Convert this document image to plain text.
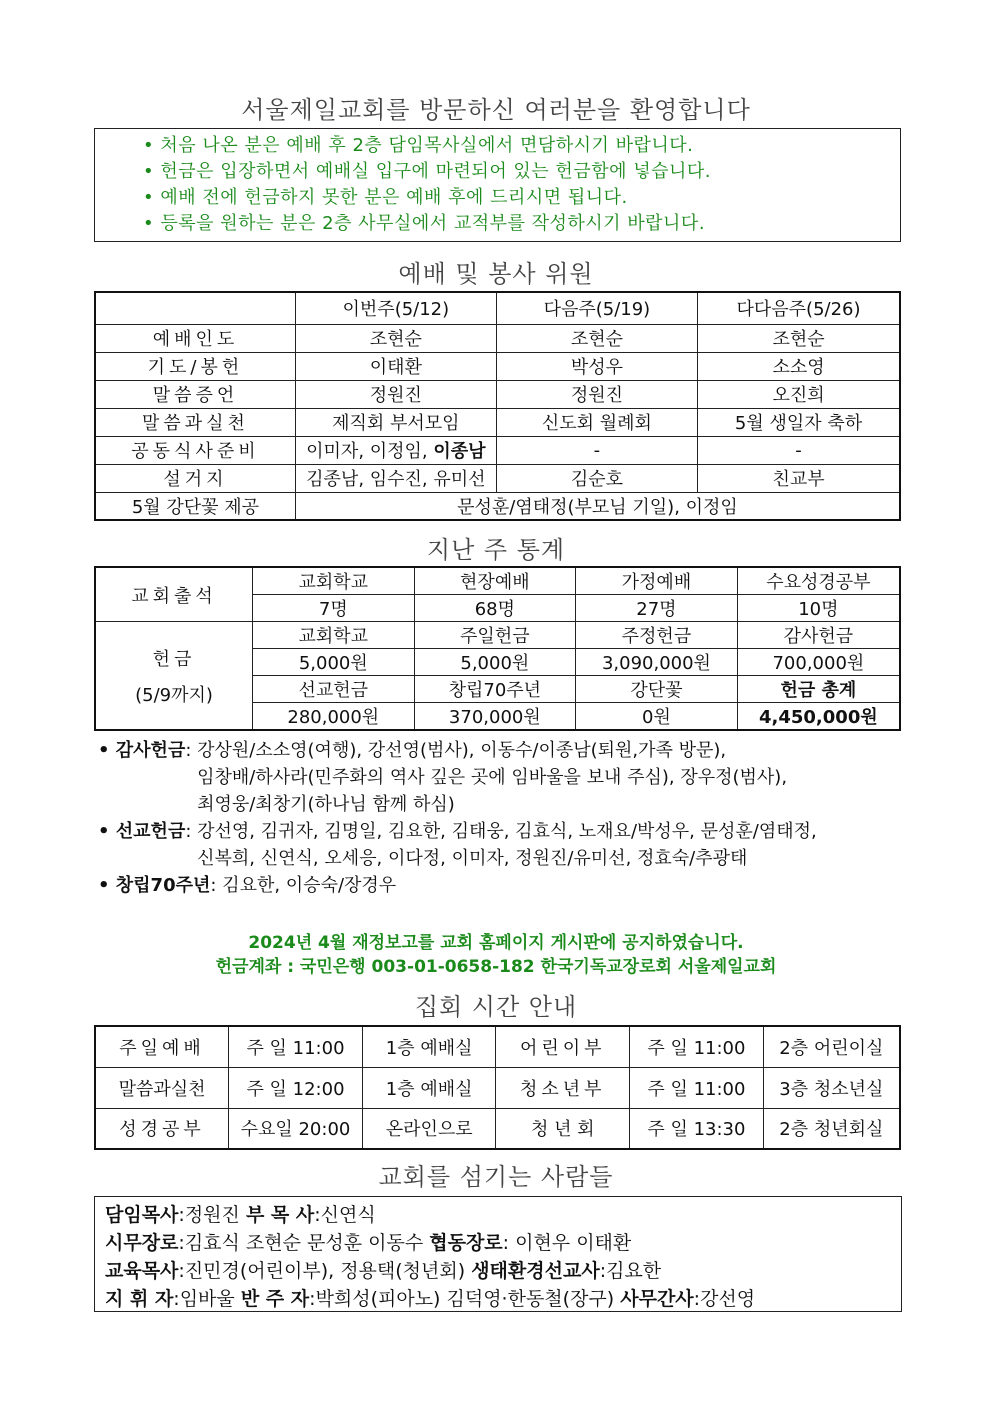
서울제일교회를 방문하신 여러분을 환영합니다
• 처음 나온 분은 예배 후 2층 담임목사실에서 면담하시기 바랍니다.
• 헌금은 입장하면서 예배실 입구에 마련되어 있는 헌금함에 넣습니다.
• 예배 전에 헌금하지 못한 분은 예배 후에 드리시면 됩니다.
• 등록을 원하는 분은 2층 사무실에서 교적부를 작성하시기 바랍니다.
예배 및 봉사 위원
	이번주(5/12)	다음주(5/19)	다다음주(5/26)
예배인도	조현순	조현순	조현순
기도/봉헌	이태환	박성우	소소영
말씀증언	정원진	정원진	오진희
말씀과실천	제직회 부서모임	신도회 월례회	5월 생일자 축하
공동식사준비	이미자, 이정임, 이종남	-	-
설거지	김종남, 임수진, 유미선	김순호	친교부
5월 강단꽃 제공	문성훈/염태정(부모님 기일), 이정임		
지난 주 통계
교회출석	교회학교	현장예배	가정예배	수요성경공부
	7명	68명	27명	10명

헌금
(5/9까지)	교회학교	주일헌금	주정헌금	감사헌금
	5,000원	5,000원	3,090,000원	700,000원
	선교헌금	창립70주년	강단꽃	헌금 총계
	280,000원	370,000원	0원	4,450,000원
• 감사헌금 : 강상원/소소영(여행), 강선영(범사), 이동수/이종남(퇴원,가족 방문),
임창배/하사라(민주화의 역사 깊은 곳에 임바울을 보내 주심), 장우정(범사),
최영웅/최창기(하나님 함께 하심)
• 선교헌금 : 강선영, 김귀자, 김명일, 김요한, 김태웅, 김효식, 노재요/박성우, 문성훈/염태정,
신복희, 신연식, 오세응, 이다정, 이미자, 정원진/유미선, 정효숙/추광태
• 창립70주년 : 김요한, 이승숙/장경우
2024년 4월 재정보고를 교회 홈페이지 게시판에 공지하였습니다.
헌금계좌 : 국민은행 003-01-0658-182 한국기독교장로회 서울제일교회
집회 시간 안내
주일예배	주 일 11:00	1층 예배실	어린이부	주 일 11:00	2층 어린이실
말씀과실천	주 일 12:00	1층 예배실	청소년부	주 일 11:00	3층 청소년실
성경공부	수요일 20:00	온라인으로	청 년 회	주 일 13:30	2층 청년회실
교회를 섬기는 사람들
담임목사:정원진 부 목 사:신연식
시무장로:김효식 조현순 문성훈 이동수 협동장로: 이현우 이태환
교육목사:진민경(어린이부), 정용택(청년회) 생태환경선교사:김요한
지 휘 자:임바울 반 주 자:박희성(피아노) 김덕영·한동철(장구) 사무간사:강선영
